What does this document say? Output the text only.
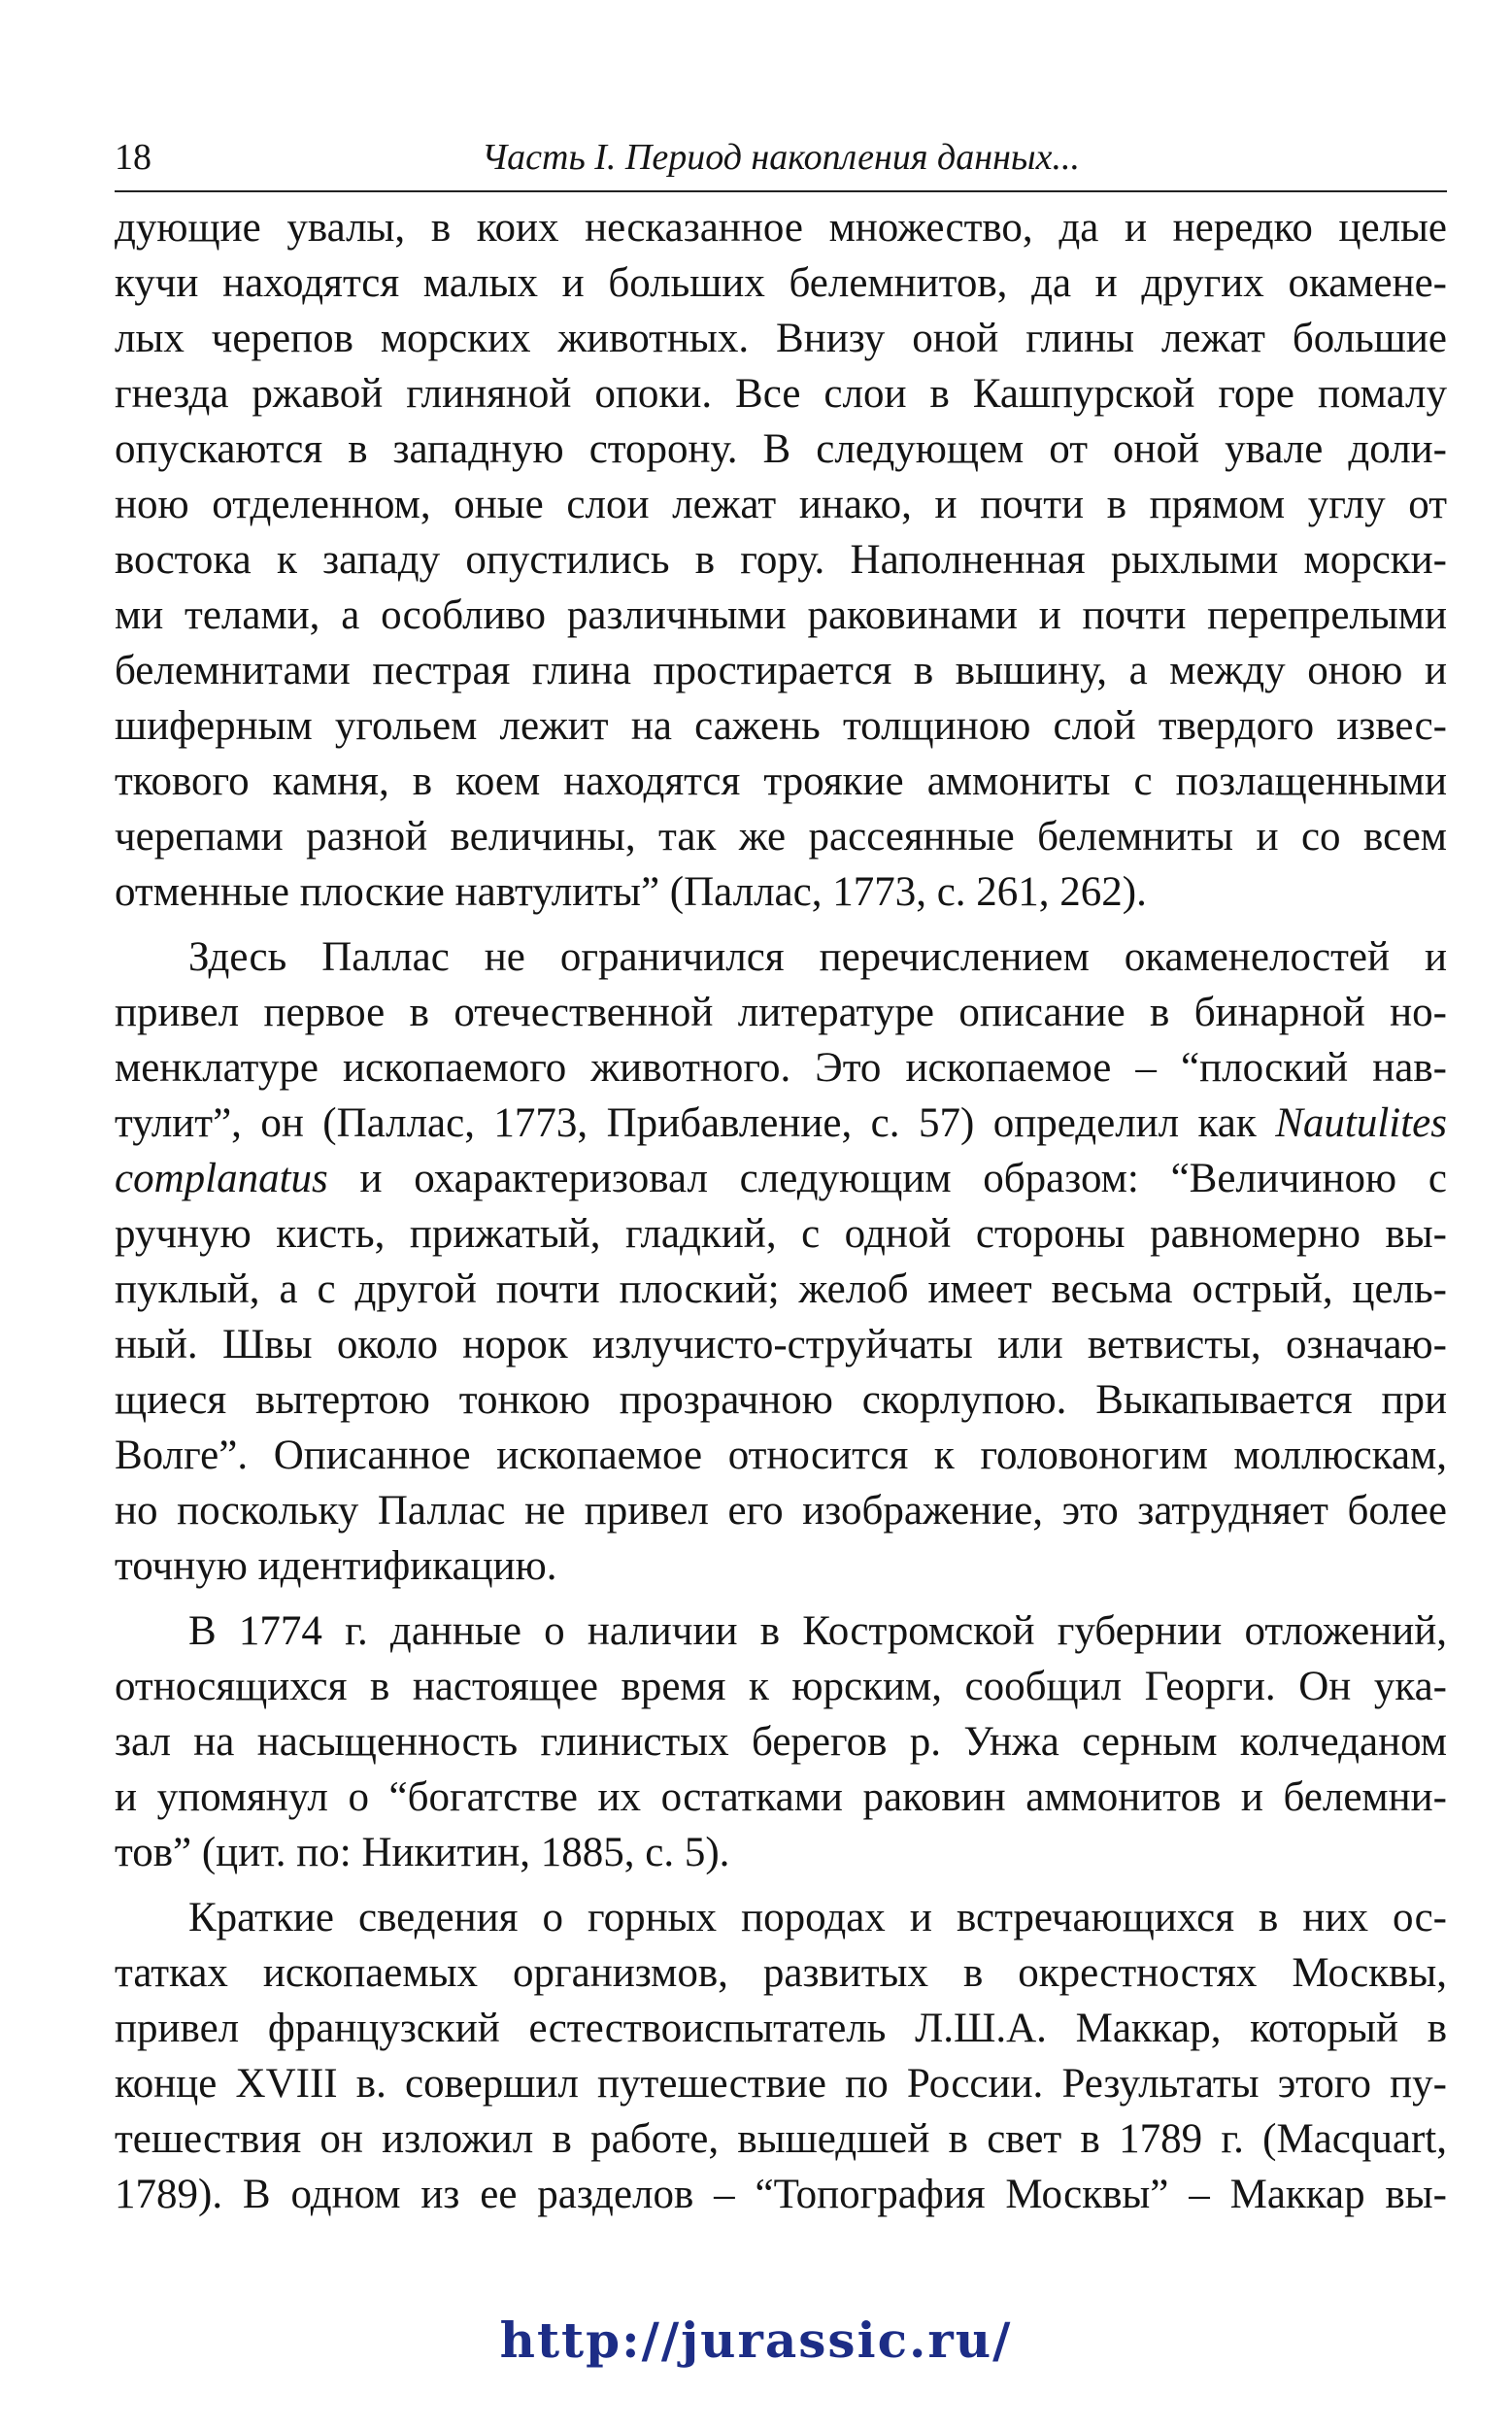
18	Часть I. Период накопления данных...
дующие увалы, в коих несказанное множество, да и нередко целые
кучи находятся малых и больших белемнитов, да и других окамене-
лых черепов морских животных. Внизу оной глины лежат большие
гнезда ржавой глиняной опоки. Все слои в Кашпурской горе помалу
опускаются в западную сторону. В следующем от оной увале доли-
ною отделенном, оные слои лежат инако, и почти в прямом углу от
востока к западу опустились в гору. Наполненная рыхлыми морски-
ми телами, а особливо различными раковинами и почти перепрелыми
белемнитами пестрая глина простирается в вышину, а между оною и
шиферным угольем лежит на сажень толщиною слой твердого извес-
ткового камня, в коем находятся троякие аммониты с позлащенными
черепами разной величины, так же рассеянные белемниты и со всем
отменные плоские навтулиты” (Паллас, 1773, с. 261, 262).
Здесь Паллас не ограничился перечислением окаменелостей и
привел первое в отечественной литературе описание в бинарной но-
менклатуре ископаемого животного. Это ископаемое – “плоский нав-
тулит”, он (Паллас, 1773, Прибавление, с. 57) определил как Nautulites
complanatus и охарактеризовал следующим образом: “Величиною с
ручную кисть, прижатый, гладкий, с одной стороны равномерно вы-
пуклый, а с другой почти плоский; желоб имеет весьма острый, цель-
ный. Швы около норок излучисто-струйчаты или ветвисты, означаю-
щиеся вытертою тонкою прозрачною скорлупою. Выкапывается при
Волге”. Описанное ископаемое относится к головоногим моллюскам,
но поскольку Паллас не привел его изображение, это затрудняет более
точную идентификацию.
В 1774 г. данные о наличии в Костромской губернии отложений,
относящихся в настоящее время к юрским, сообщил Георги. Он ука-
зал на насыщенность глинистых берегов р. Унжа серным колчеданом
и упомянул о “богатстве их остатками раковин аммонитов и белемни-
тов” (цит. по: Никитин, 1885, с. 5).
Краткие сведения о горных породах и встречающихся в них ос-
татках ископаемых организмов, развитых в окрестностях Москвы,
привел французский естествоиспытатель Л.Ш.А. Маккар, который в
конце XVIII в. совершил путешествие по России. Результаты этого пу-
тешествия он изложил в работе, вышедшей в свет в 1789 г. (Macquart,
1789). В одном из ее разделов – “Топография Москвы” – Маккар вы-
http://jurassic.ru/
